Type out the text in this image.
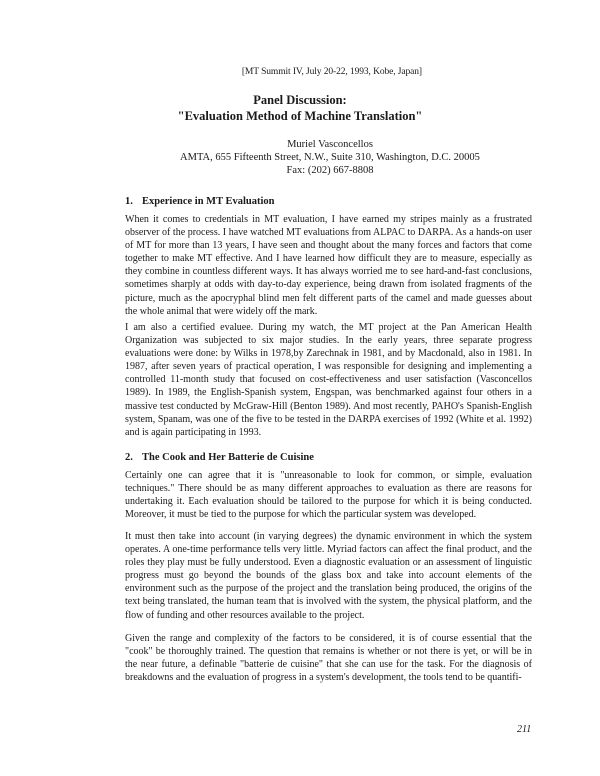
[MT Summit IV, July 20-22, 1993, Kobe, Japan]
Panel Discussion:
"Evaluation Method of Machine Translation"
Muriel Vasconcellos
AMTA, 655 Fifteenth Street, N.W., Suite 310, Washington, D.C. 20005
Fax: (202) 667-8808
1. Experience in MT Evaluation

When it comes to credentials in MT evaluation, I have earned my stripes mainly as a frustrated observer of the process. I have watched MT evaluations from ALPAC to DARPA. As a hands-on user of MT for more than 13 years, I have seen and thought about the many forces and factors that come together to make MT effective. And I have learned how difficult they are to measure, especially as they combine in countless different ways. It has always worried me to see hard-and-fast conclusions, sometimes sharply at odds with day-to-day experience, being drawn from isolated fragments of the picture, much as the apocryphal blind men felt different parts of the camel and made guesses about the whole animal that were widely off the mark.

I am also a certified evaluee. During my watch, the MT project at the Pan American Health Organization was subjected to six major studies. In the early years, three separate progress evaluations were done: by Wilks in 1978,by Zarechnak in 1981, and by Macdonald, also in 1981. In 1987, after seven years of practical operation, I was responsible for designing and implementing a controlled 11-month study that focused on cost-effectiveness and user satisfaction (Vasconcellos 1989). In 1989, the English-Spanish system, Engspan, was benchmarked against four others in a massive test conducted by McGraw-Hill (Benton 1989). And most recently, PAHO's Spanish-English system, Spanam, was one of the five to be tested in the DARPA exercises of 1992 (White et al. 1992) and is again participating in 1993.

2. The Cook and Her Batterie de Cuisine

Certainly one can agree that it is "unreasonable to look for common, or simple, evaluation techniques." There should be as many different approaches to evaluation as there are reasons for undertaking it. Each evaluation should be tailored to the purpose for which it is being conducted. Moreover, it must be tied to the purpose for which the particular system was developed.

It must then take into account (in varying degrees) the dynamic environment in which the system operates. A one-time performance tells very little. Myriad factors can affect the final product, and the roles they play must be fully understood. Even a diagnostic evaluation or an assessment of linguistic progress must go beyond the bounds of the glass box and take into account elements of the environment such as the purpose of the project and the translation being produced, the origins of the text being translated, the human team that is involved with the system, the physical platform, and the flow of funding and other resources available to the project.

Given the range and complexity of the factors to be considered, it is of course essential that the "cook" be thoroughly trained. The question that remains is whether or not there is yet, or will be in the near future, a definable "batterie de cuisine" that she can use for the task. For the diagnosis of breakdowns and the evaluation of progress in a system's development, the tools tend to be quantifi-

211
